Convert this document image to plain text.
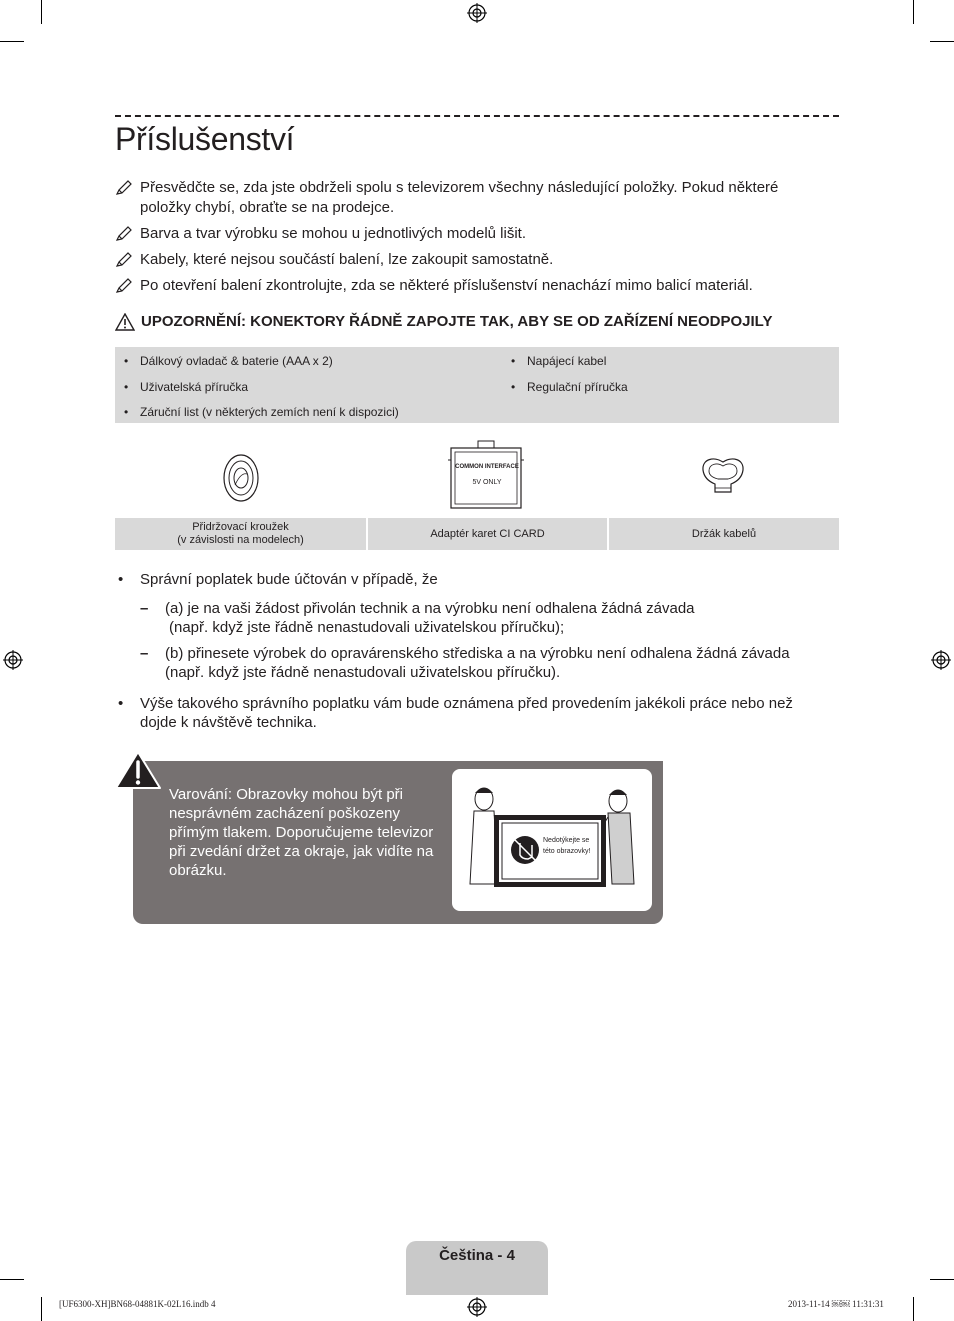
Příslušenství
Přesvědčte se, zda jste obdrželi spolu s televizorem všechny následující položky. Pokud některé položky chybí, obraťte se na prodejce.
Barva a tvar výrobku se mohou u jednotlivých modelů lišit.
Kabely, které nejsou součástí balení, lze zakoupit samostatně.
Po otevření balení zkontrolujte, zda se některé příslušenství nenachází mimo balicí materiál.
UPOZORNĚNÍ: KONEKTORY ŘÁDNĚ ZAPOJTE TAK, ABY SE OD ZAŘÍZENÍ NEODPOJILY
• Dálkový ovladač & baterie (AAA x 2)
• Uživatelská příručka
• Záruční list (v některých zemích není k dispozici)
• Napájecí kabel
• Regulační příručka
COMMON INTERFACE
5V ONLY
Přidržovací kroužek
(v závislosti na modelech)
Adaptér karet CI CARD	Držák kabelů
• Správní poplatek bude účtován v případě, že
– (a) je na vaši žádost přivolán technik a na výrobku není odhalena žádná závada
(např. když jste řádně nenastudovali uživatelskou příručku);
– (b) přinesete výrobek do opravárenského střediska a na výrobku není odhalena žádná závada
(např. když jste řádně nenastudovali uživatelskou příručku).
• Výše takového správního poplatku vám bude oznámena před provedením jakékoli práce nebo než dojde k návštěvě technika.
Varování: Obrazovky mohou být při nesprávném zacházení poškozeny přímým tlakem. Doporučujeme televizor při zvedání držet za okraje, jak vidíte na obrázku.
Nedotýkejte se
této obrazovky!
Čeština - 4
[UF6300-XH]BN68-04881K-02L16.indb 4	2013-11-14 ￼￼ 11:31:31
